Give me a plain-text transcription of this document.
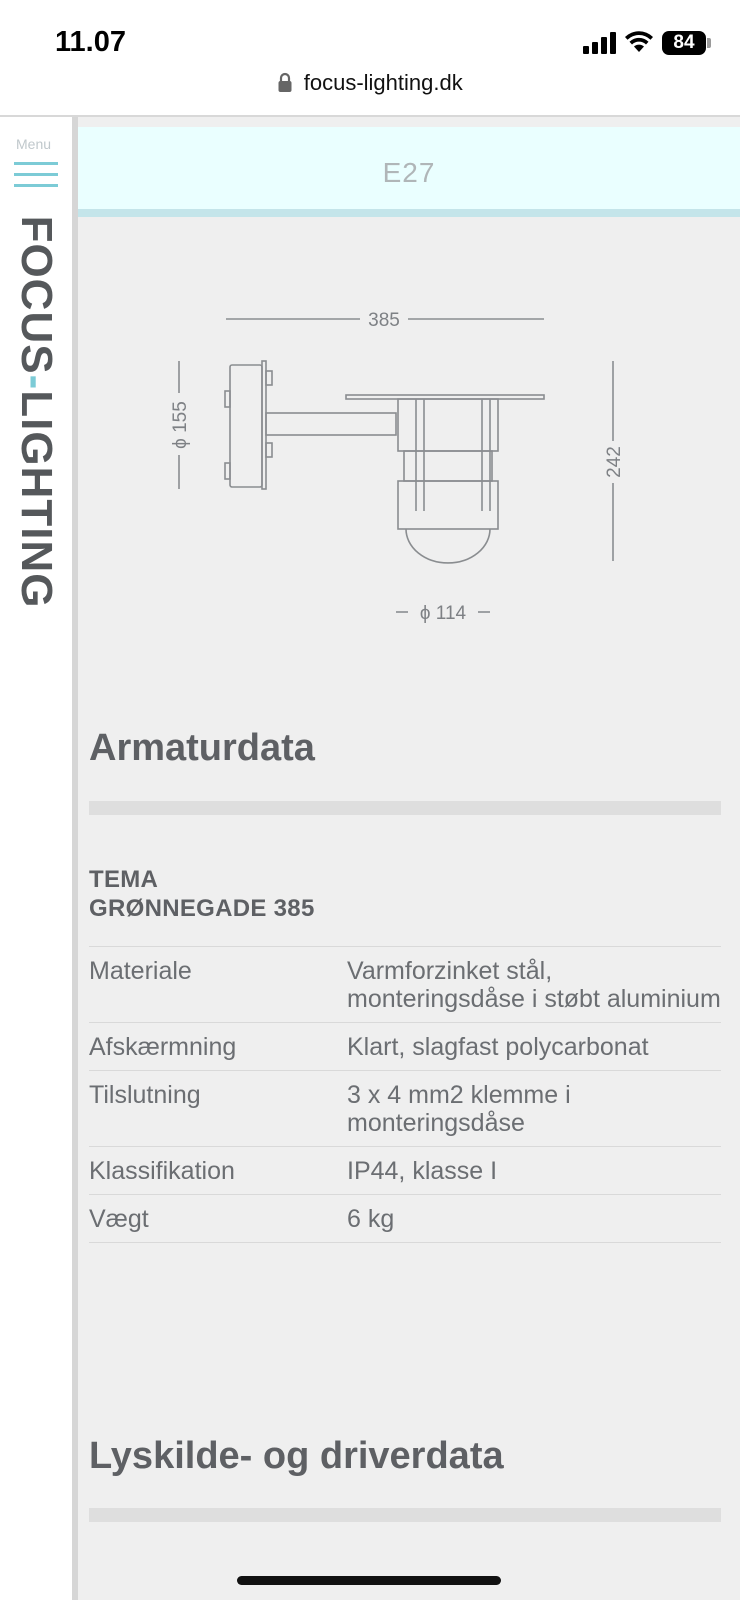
11.07	84
focus-lighting.dk
Menu
FOCUS-LIGHTING
E27
385
ϕ 155
242
ϕ 114
Armaturdata
TEMA
GRØNNEGADE 385
Materiale	Varmforzinket stål, monteringsdåse i støbt aluminium
Afskærmning	Klart, slagfast polycarbonat
Tilslutning	3 x 4 mm2 klemme i monteringsdåse
Klassifikation	IP44, klasse I
Vægt	6 kg
Lyskilde- og driverdata
